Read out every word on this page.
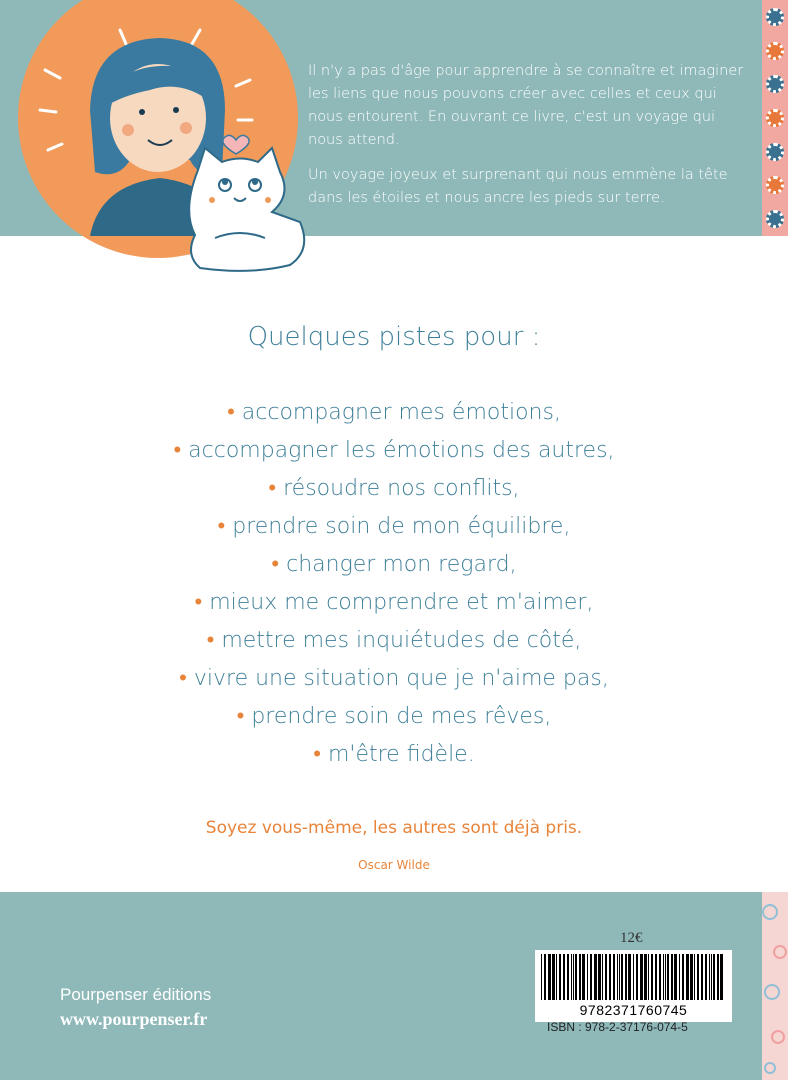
Il n'y a pas d'âge pour apprendre à se connaître et imaginer les liens que nous pouvons créer avec celles et ceux qui nous entourent. En ouvrant ce livre, c'est un voyage qui nous attend.

Un voyage joyeux et surprenant qui nous emmène la tête dans les étoiles et nous ancre les pieds sur terre.

Quelques pistes pour :
• accompagner mes émotions,
• accompagner les émotions des autres,
• résoudre nos conflits,
• prendre soin de mon équilibre,
• changer mon regard,
• mieux me comprendre et m'aimer,
• mettre mes inquiétudes de côté,
• vivre une situation que je n'aime pas,
• prendre soin de mes rêves,
• m'être fidèle.
Soyez vous-même, les autres sont déjà pris.
Oscar Wilde
Pourpenser éditions
www.pourpenser.fr
12€
9782371760745
ISBN : 978-2-37176-074-5
